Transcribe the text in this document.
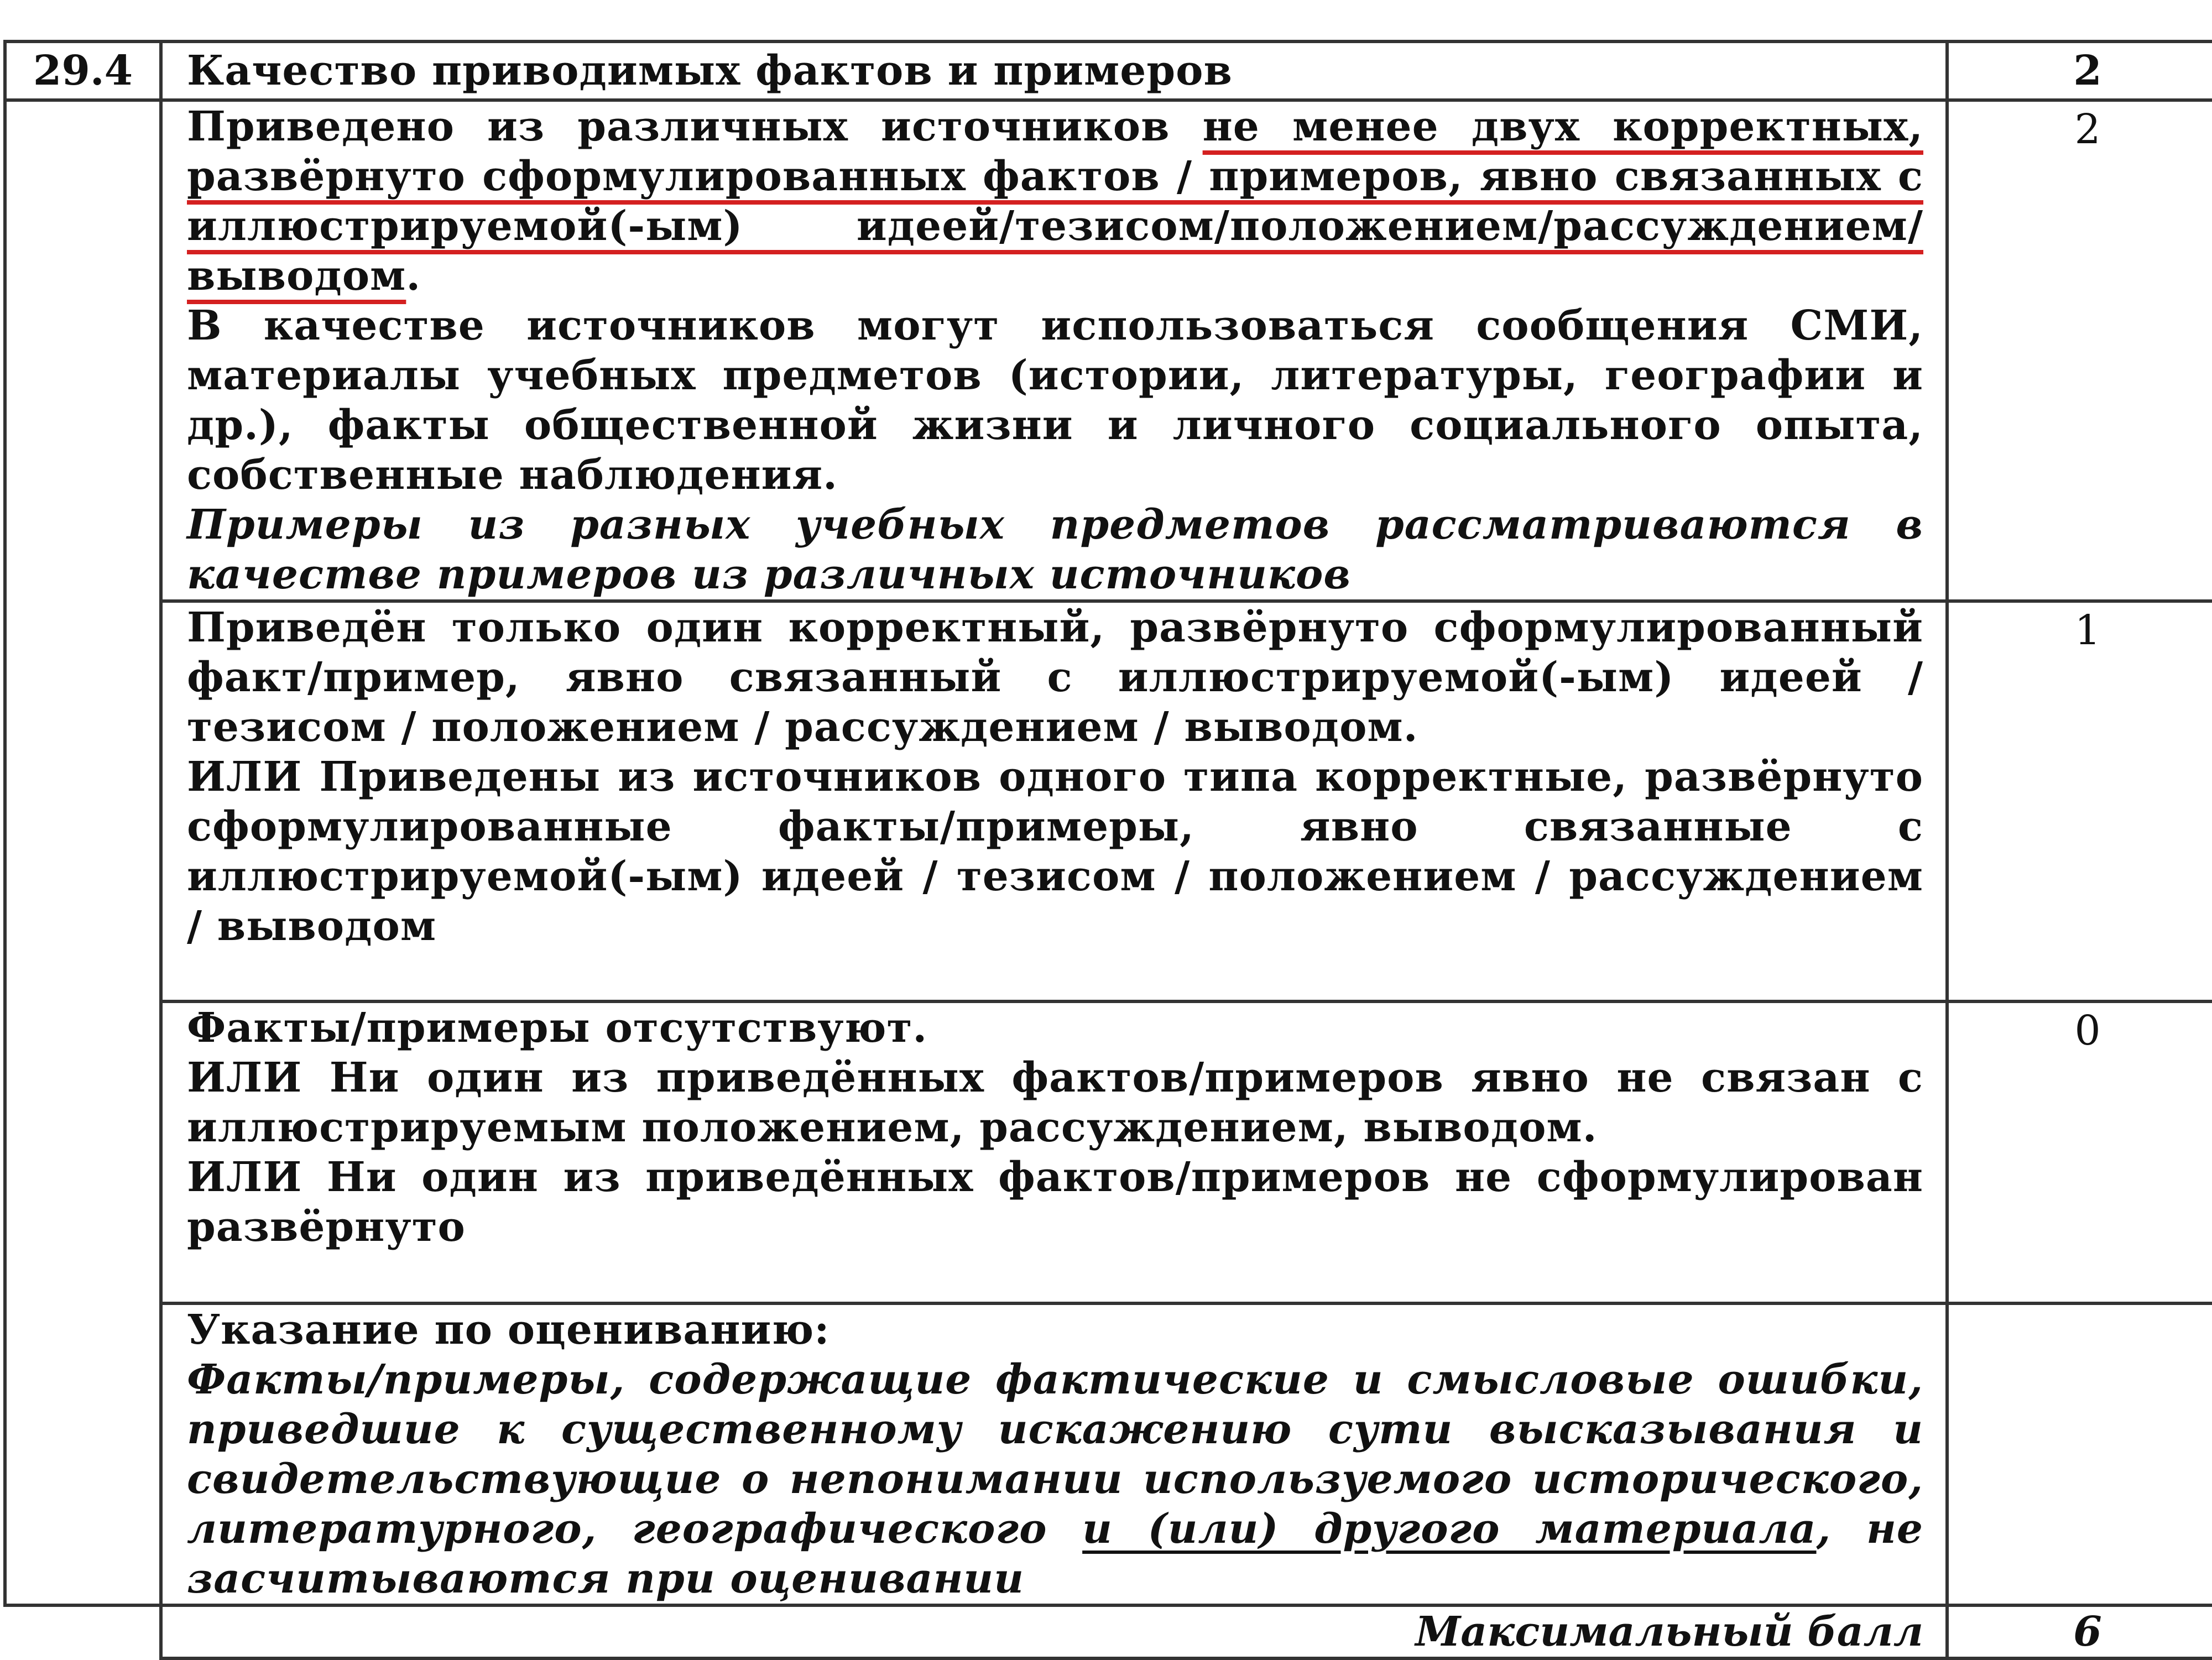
29.4	Качество приводимых фактов и примеров	2

	Приведено из различных источников не менее двух корректных, развёрнуто сформулированных фактов / примеров, явно связанных с иллюстрируемой(-ым) идеей/тезисом/положением/рассуждением/выводом.
В качестве источников могут использоваться сообщения СМИ, материалы учебных предметов (истории, литературы, географии и др.), факты общественной жизни и личного социального опыта, собственные наблюдения.
Примеры из разных учебных предметов рассматриваются в качестве примеров из различных источников	2

	Приведён только один корректный, развёрнуто сформулированный факт/пример, явно связанный с иллюстрируемой(-ым) идеей / тезисом / положением / рассуждением / выводом.
ИЛИ Приведены из источников одного типа корректные, развёрнуто сформулированные факты/примеры, явно связанные с иллюстрируемой(-ым) идеей / тезисом / положением / рассуждением / выводом	1

	Факты/примеры отсутствуют.
ИЛИ Ни один из приведённых фактов/примеров явно не связан с иллюстрируемым положением, рассуждением, выводом.
ИЛИ Ни один из приведённых фактов/примеров не сформулирован развёрнуто	0

	Указание по оцениванию:
Факты/примеры, содержащие фактические и смысловые ошибки, приведшие к существенному искажению сути высказывания и свидетельствующие о непонимании используемого исторического, литературного, географического и (или) другого материала, не засчитываются при оценивании	

	Максимальный балл	6
